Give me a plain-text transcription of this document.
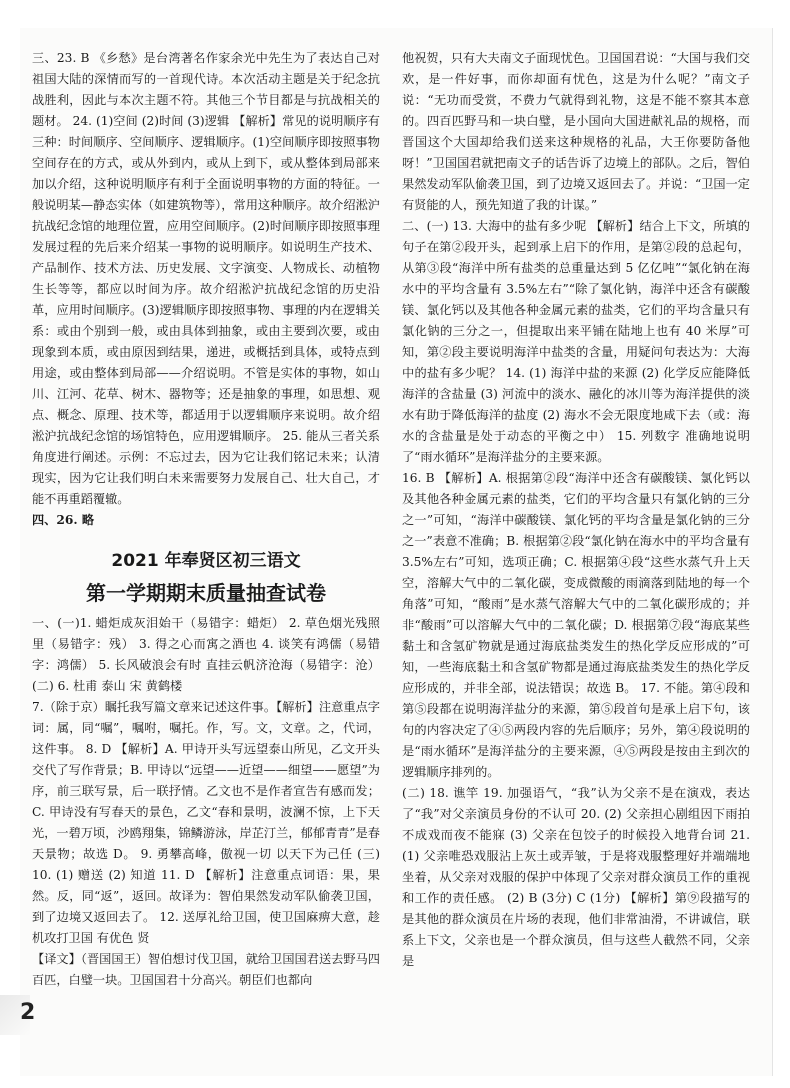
三、23. B 《乡愁》是台湾著名作家余光中先生为了表达自己对祖国大陆的深情而写的一首现代诗。本次活动主题是关于纪念抗战胜利，因此与本次主题不符。其他三个节目都是与抗战相关的题材。 24. (1)空间 (2)时间 (3)逻辑 【解析】常见的说明顺序有三种：时间顺序、空间顺序、逻辑顺序。(1)空间顺序即按照事物空间存在的方式，或从外到内，或从上到下，或从整体到局部来加以介绍，这种说明顺序有利于全面说明事物的方面的特征。一般说明某—静态实体（如建筑物等），常用这种顺序。故介绍淞沪抗战纪念馆的地理位置，应用空间顺序。(2)时间顺序即按照事理发展过程的先后来介绍某一事物的说明顺序。如说明生产技术、产品制作、技术方法、历史发展、文字演变、人物成长、动植物生长等等，都应以时间为序。故介绍淞沪抗战纪念馆的历史沿革，应用时间顺序。(3)逻辑顺序即按照事物、事理的内在逻辑关系：或由个别到一般，或由具体到抽象，或由主要到次要，或由现象到本质，或由原因到结果，递进，或概括到具体，或特点到用途，或由整体到局部——介绍说明。不管是实体的事物，如山川、江河、花草、树木、器物等；还是抽象的事理，如思想、观点、概念、原理、技术等，都适用于以逻辑顺序来说明。故介绍淞沪抗战纪念馆的场馆特色，应用逻辑顺序。 25. 能从三者关系角度进行阐述。示例：不忘过去，因为它让我们铭记未来；认清现实，因为它让我们明白未来需要努力发展自己、壮大自己，才能不再重蹈覆辙。

四、26. 略

2021 年奉贤区初三语文
第一学期期末质量抽查试卷

一、(一)1. 蜡炬成灰泪始干（易错字：蜡炬） 2. 草色烟光残照里（易错字：残） 3. 得之心而寓之酒也 4. 谈笑有鸿儒（易错字：鸿儒） 5. 长风破浪会有时 直挂云帆济沧海（易错字：沧） (二) 6. 杜甫 泰山 宋 黄鹤楼

7.（除于京）瞩托我写篇文章来记述这件事。【解析】注意重点字词：属，同“嘱”，嘱咐，嘱托。作，写。文，文章。之，代词，这件事。 8. D 【解析】A. 甲诗开头写远望泰山所见，乙文开头交代了写作背景；B. 甲诗以“远望——近望——细望——愿望”为序，前三联写景，后一联抒情。乙文也不是作者宣告有感而发；C. 甲诗没有写春天的景色，乙文“春和景明，波澜不惊，上下天光，一碧万顷，沙鸥翔集，锦鳞游泳，岸芷汀兰，郁郁青青”是春天景物；故选 D。 9. 勇攀高峰，傲视一切 以天下为己任 (三) 10. (1) 赠送 (2) 知道 11. D 【解析】注意重点词语：果，果然。反，同“返”，返回。故译为：智伯果然发动军队偷袭卫国，到了边境又返回去了。 12. 送厚礼给卫国，使卫国麻痹大意，趁机攻打卫国 有优色 贤

【译文】（晋国国王）智伯想讨伐卫国，就给卫国国君送去野马四百匹，白璧一块。卫国国君十分高兴。朝臣们也都向

他祝贺，只有大夫南文子面现忧色。卫国国君说：“大国与我们交欢，是一件好事，而你却面有忧色，这是为什么呢？”南文子说：“无功而受赏，不费力气就得到礼物，这是不能不察其本意的。四百匹野马和一块白璧，是小国向大国进献礼品的规格，而晋国这个大国却给我们送来这种规格的礼品，大王你要防备他呀！”卫国国君就把南文子的话告诉了边境上的部队。之后，智伯果然发动军队偷袭卫国，到了边境又返回去了。并说：“卫国一定有贤能的人，预先知道了我的计谋。”

二、(一) 13. 大海中的盐有多少呢 【解析】结合上下文，所填的句子在第②段开头，起到承上启下的作用，是第②段的总起句，从第③段“海洋中所有盐类的总重量达到 5 亿亿吨”“氯化钠在海水中的平均含量有 3.5%左右”“除了氯化钠，海洋中还含有碳酸镁、氯化钙以及其他各种金属元素的盐类，它们的平均含量只有氯化钠的三分之一，但提取出来平铺在陆地上也有 40 米厚”可知，第②段主要说明海洋中盐类的含量，用疑问句表达为：大海中的盐有多少呢？ 14. (1) 海洋中盐的来源 (2) 化学反应能降低海洋的含盐量 (3) 河流中的淡水、融化的冰川等为海洋提供的淡水有助于降低海洋的盐度 (2) 海水不会无限度地咸下去（或：海水的含盐量是处于动态的平衡之中） 15. 列数字 准确地说明了“雨水循环”是海洋盐分的主要来源。

16. B 【解析】A. 根据第②段“海洋中还含有碳酸镁、氯化钙以及其他各种金属元素的盐类，它们的平均含量只有氯化钠的三分之一”可知，“海洋中碳酸镁、氯化钙的平均含量是氯化钠的三分之一”表意不准确；B. 根据第②段“氯化钠在海水中的平均含量有 3.5%左右”可知，选项正确；C. 根据第④段“这些水蒸气升上天空，溶解大气中的二氧化碳，变成微酸的雨滴落到陆地的每一个角落”可知，“酸雨”是水蒸气溶解大气中的二氧化碳形成的；并非“酸雨”可以溶解大气中的二氧化碳；D. 根据第⑦段“海底某些黏土和含氢矿物就是通过海底盐类发生的热化学反应形成的”可知，一些海底黏土和含氢矿物都是通过海底盐类发生的热化学反应形成的，并非全部，说法错误；故选 B。 17. 不能。第④段和第⑤段都在说明海洋盐分的来源，第⑤段首句是承上启下句，该句的内容决定了④⑤两段内容的先后顺序；另外，第④段说明的是“雨水循环”是海洋盐分的主要来源，④⑤两段是按由主到次的逻辑顺序排列的。

(二) 18. 谯竿 19. 加强语气，“我”认为父亲不是在演戏，表达了“我”对父亲演员身份的不认可 20. (2) 父亲担心剧组因下雨拍不成戏而夜不能寐 (3) 父亲在包饺子的时候投入地背台词 21. (1) 父亲唯恐戏服沾上灰土或弄皱，于是将戏服整理好并端端地坐着，从父亲对戏服的保护中体现了父亲对群众演员工作的重视和工作的责任感。 (2) B (3分) C (1分) 【解析】第⑨段描写的是其他的群众演员在片场的表现，他们非常油滑，不讲诚信，联系上下文，父亲也是一个群众演员，但与这些人截然不同，父亲是

2
